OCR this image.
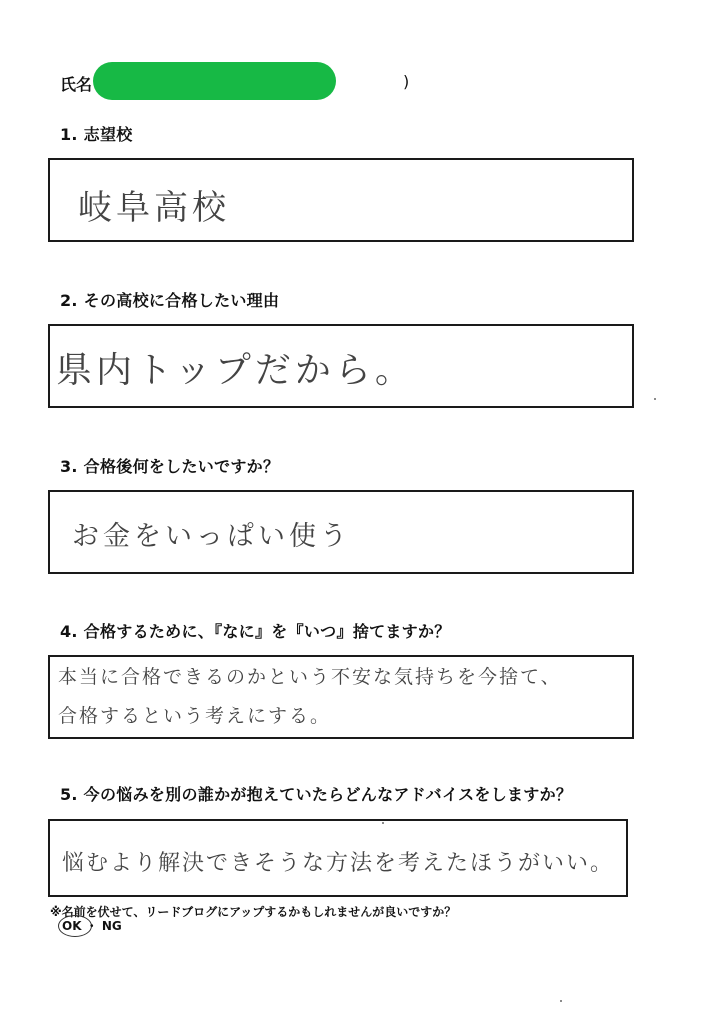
氏名	)
1. 志望校
岐阜高校
2. その高校に合格したい理由
県内トップだから。
3. 合格後何をしたいですか？
お金をいっぱい使う
4. 合格するために、『なに』を『いつ』捨てますか？
本当に合格できるのかという不安な気持ちを今捨て、
合格するという考えにする。
5. 今の悩みを別の誰かが抱えていたらどんなアドバイスをしますか？
悩むより解決できそうな方法を考えたほうがいい。
※名前を伏せて、リードブログにアップするかもしれませんが良いですか？
OK ・ NG
